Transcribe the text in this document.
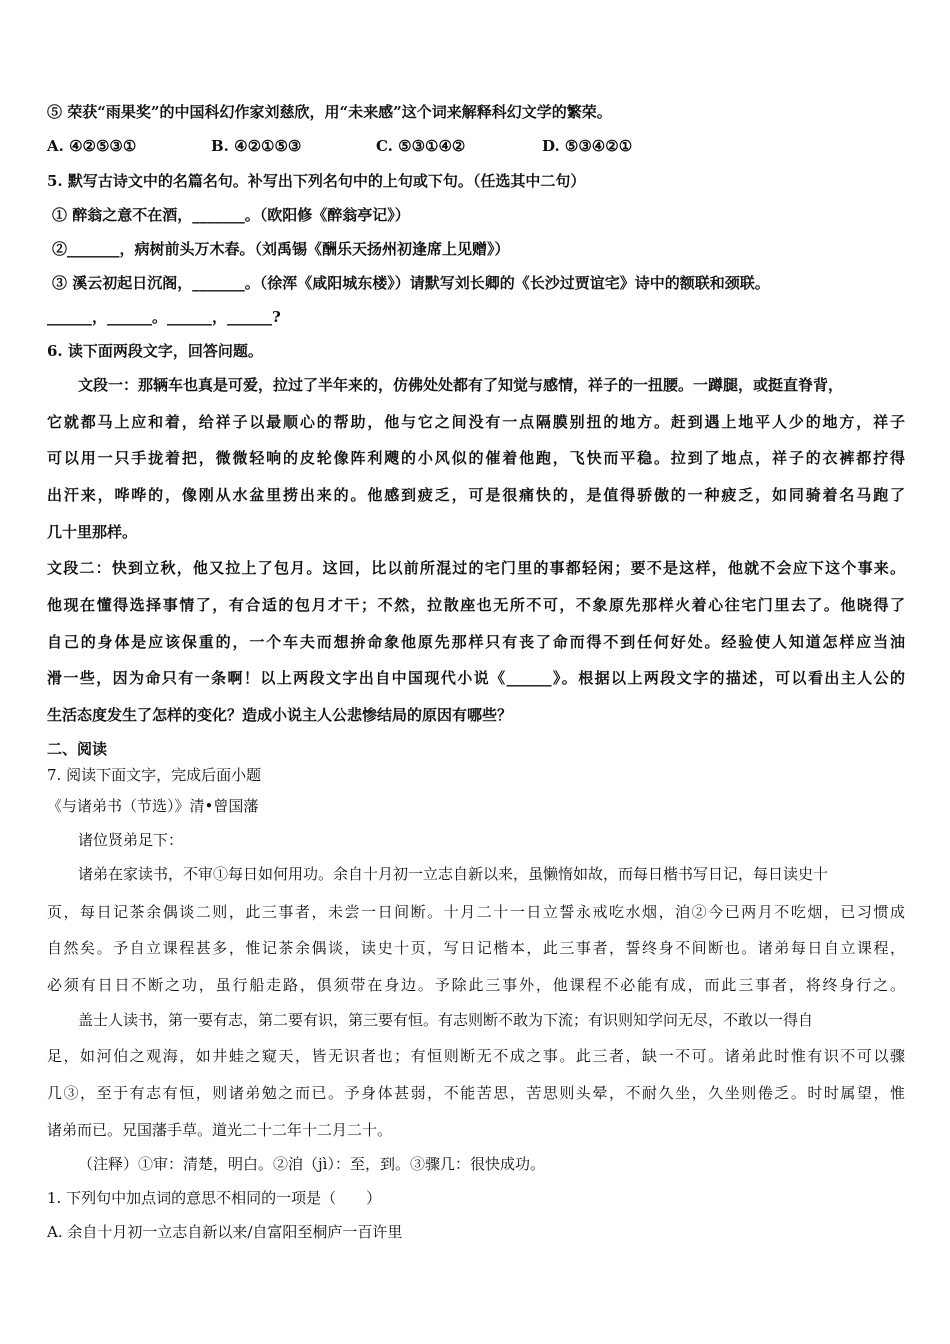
⑤ 荣获“雨果奖”的中国科幻作家刘慈欣，用“未来感”这个词来解释科幻文学的繁荣。
A. ④②⑤③①	B. ④②①⑤③	C. ⑤③①④②	D. ⑤③④②①
5. 默写古诗文中的名篇名句。补写出下列名句中的上句或下句。（任选其中二句）
① 醉翁之意不在酒，_______。（欧阳修《醉翁亭记》）
②_______，病树前头万木春。（刘禹锡《酬乐天扬州初逢席上见赠》）
③ 溪云初起日沉阁，_______。（徐浑《咸阳城东楼》）请默写刘长卿的《长沙过贾谊宅》诗中的额联和颈联。
______，______。______，______?
6. 读下面两段文字，回答问题。
文段一：那辆车也真是可爱，拉过了半年来的，仿佛处处都有了知觉与感情，祥子的一扭腰。一蹲腿，或挺直脊背，
它就都马上应和着，给祥子以最顺心的帮助，他与它之间没有一点隔膜别扭的地方。赶到遇上地平人少的地方，祥子
可以用一只手拢着把，微微轻响的皮轮像阵利飕的小风似的催着他跑，飞快而平稳。拉到了地点，祥子的衣裤都拧得
出汗来，哗哗的，像刚从水盆里捞出来的。他感到疲乏，可是很痛快的，是值得骄傲的一种疲乏，如同骑着名马跑了
几十里那样。
文段二：快到立秋，他又拉上了包月。这回，比以前所混过的宅门里的事都轻闲；要不是这样，他就不会应下这个事来。
他现在懂得选择事情了，有合适的包月才干；不然，拉散座也无所不可，不象原先那样火着心往宅门里去了。他晓得了
自己的身体是应该保重的，一个车夫而想拚命象他原先那样只有丧了命而得不到任何好处。经验使人知道怎样应当油
滑一些，因为命只有一条啊！以上两段文字出自中国现代小说《______》。根据以上两段文字的描述，可以看出主人公的
生活态度发生了怎样的变化？造成小说主人公悲惨结局的原因有哪些？
二、阅读
7. 阅读下面文字，完成后面小题
《与诸弟书（节选）》清•曾国藩
诸位贤弟足下：
诸弟在家读书，不审①每日如何用功。余自十月初一立志自新以来，虽懒惰如故，而每日楷书写日记，每日读史十
页，每日记茶余偶谈二则，此三事者，未尝一日间断。十月二十一日立誓永戒吃水烟，洎②今已两月不吃烟，已习惯成
自然矣。予自立课程甚多，惟记茶余偶谈，读史十页，写日记楷本，此三事者，誓终身不间断也。诸弟每日自立课程，
必须有日日不断之功，虽行船走路，俱须带在身边。予除此三事外，他课程不必能有成，而此三事者，将终身行之。
盖士人读书，第一要有志，第二要有识，第三要有恒。有志则断不敢为下流；有识则知学问无尽，不敢以一得自
足，如河伯之观海，如井蛙之窥天，皆无识者也；有恒则断无不成之事。此三者，缺一不可。诸弟此时惟有识不可以骤
几③，至于有志有恒，则诸弟勉之而已。予身体甚弱，不能苦思，苦思则头晕，不耐久坐，久坐则倦乏。时时属望，惟
诸弟而已。兄国藩手草。道光二十二年十二月二十。
（注释）①审：清楚，明白。②洎（jì）：至，到。③骤几：很快成功。
1. 下列句中加点词的意思不相同的一项是（　　）
A. 余自十月初一立志自新以来/自富阳至桐庐一百许里
